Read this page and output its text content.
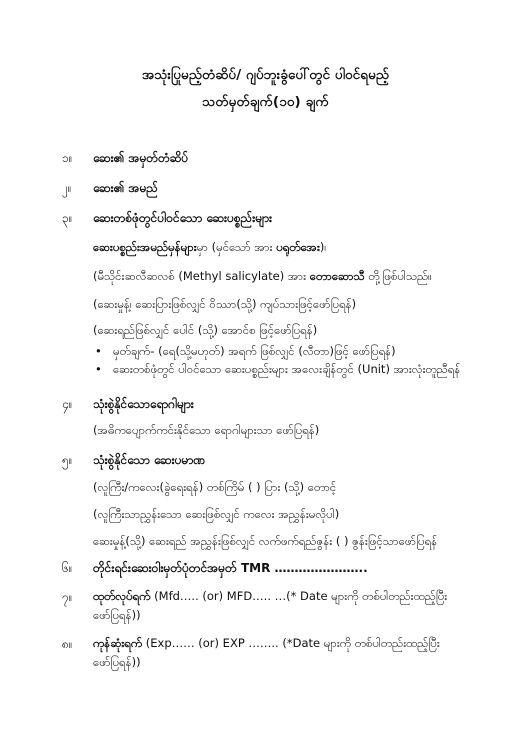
အသုံးပြုမည့်တံဆိပ်/ ဂျပ်ဘူးခွံပေါ်တွင် ပါဝင်ရမည့်
သတ်မှတ်ချက်(၁၀) ချက်
၁။ ဆေး၏ အမှတ်တံဆိပ်
၂။ ဆေး၏ အမည်
၃။ ဆေးတစ်ဖုံတွင်ပါဝင်သော ဆေးပစ္စည်းများ
ဆေးပစ္စည်းအမည်မှန်များမှာ (မှင်သော် အား ပရုတ်အေး)၊
(မီသိုင်းဆလီဆလစ် (Methyl salicylate) အား တောဆောသီ တို့ဖြစ်ပါသည်။
(ဆေးမှုန့်၊ ဆေးပြားဖြစ်လျှင် ဝိဿာ(သို့) ကျပ်သားဖြင့်ဖော်ပြရန်)
(ဆေးရည်ဖြစ်လျှင် ပေါင် (သို့) အောင်စ ဖြင့်ဖော်ပြရန်)
• မှတ်ချက်- (ရေ(သို့မဟုတ်) အရက် ဖြစ်လျှင် (လီတာ)ဖြင့် ဖော်ပြရန်)
• ဆေးတစ်ဖုံတွင် ပါဝင်သော ဆေးပစ္စည်းများ အလေးချိန်တွင် (Unit) အားလုံးတူညီရန်
၄။ သုံးစွဲနိုင်သောရောဂါများ
(အဓိကပျောက်ကင်းနိုင်သော ရောဂါများသာ ဖော်ပြရန်)
၅။ သုံးစွဲနိုင်သော ဆေးပမာဏ
(လူကြီး/ကလေး(ခွဲရေးရန်) တစ်ကြိမ် ( ) ပြား (သို့) တောင့်
(လူကြီးသာညွှန်းသော ဆေးဖြစ်လျှင် ကလေး အညွှန်းမလိုပါ)
ဆေးမှုန့်(သို့) ဆေးရည် အညွှန်းဖြစ်လျှင် လက်ဖက်ရည်ဇွန်း ( ) ဇွန်းဖြင့်သာဖော်ပြရန်
၆။ တိုင်းရင်းဆေးဝါးမှတ်ပုံတင်အမှတ် TMR …………………..
၇။ ထုတ်လုပ်ရက် (Mfd….. (or) MFD….. …(* Date များကို တစ်ပါတည်းထည့်ပြီး ဖော်ပြရန်))
၈။ ကုန်ဆုံးရက် (Exp…… (or) EXP …….. (*Date များကို တစ်ပါတည်းထည့်ပြီး ဖော်ပြရန်))
